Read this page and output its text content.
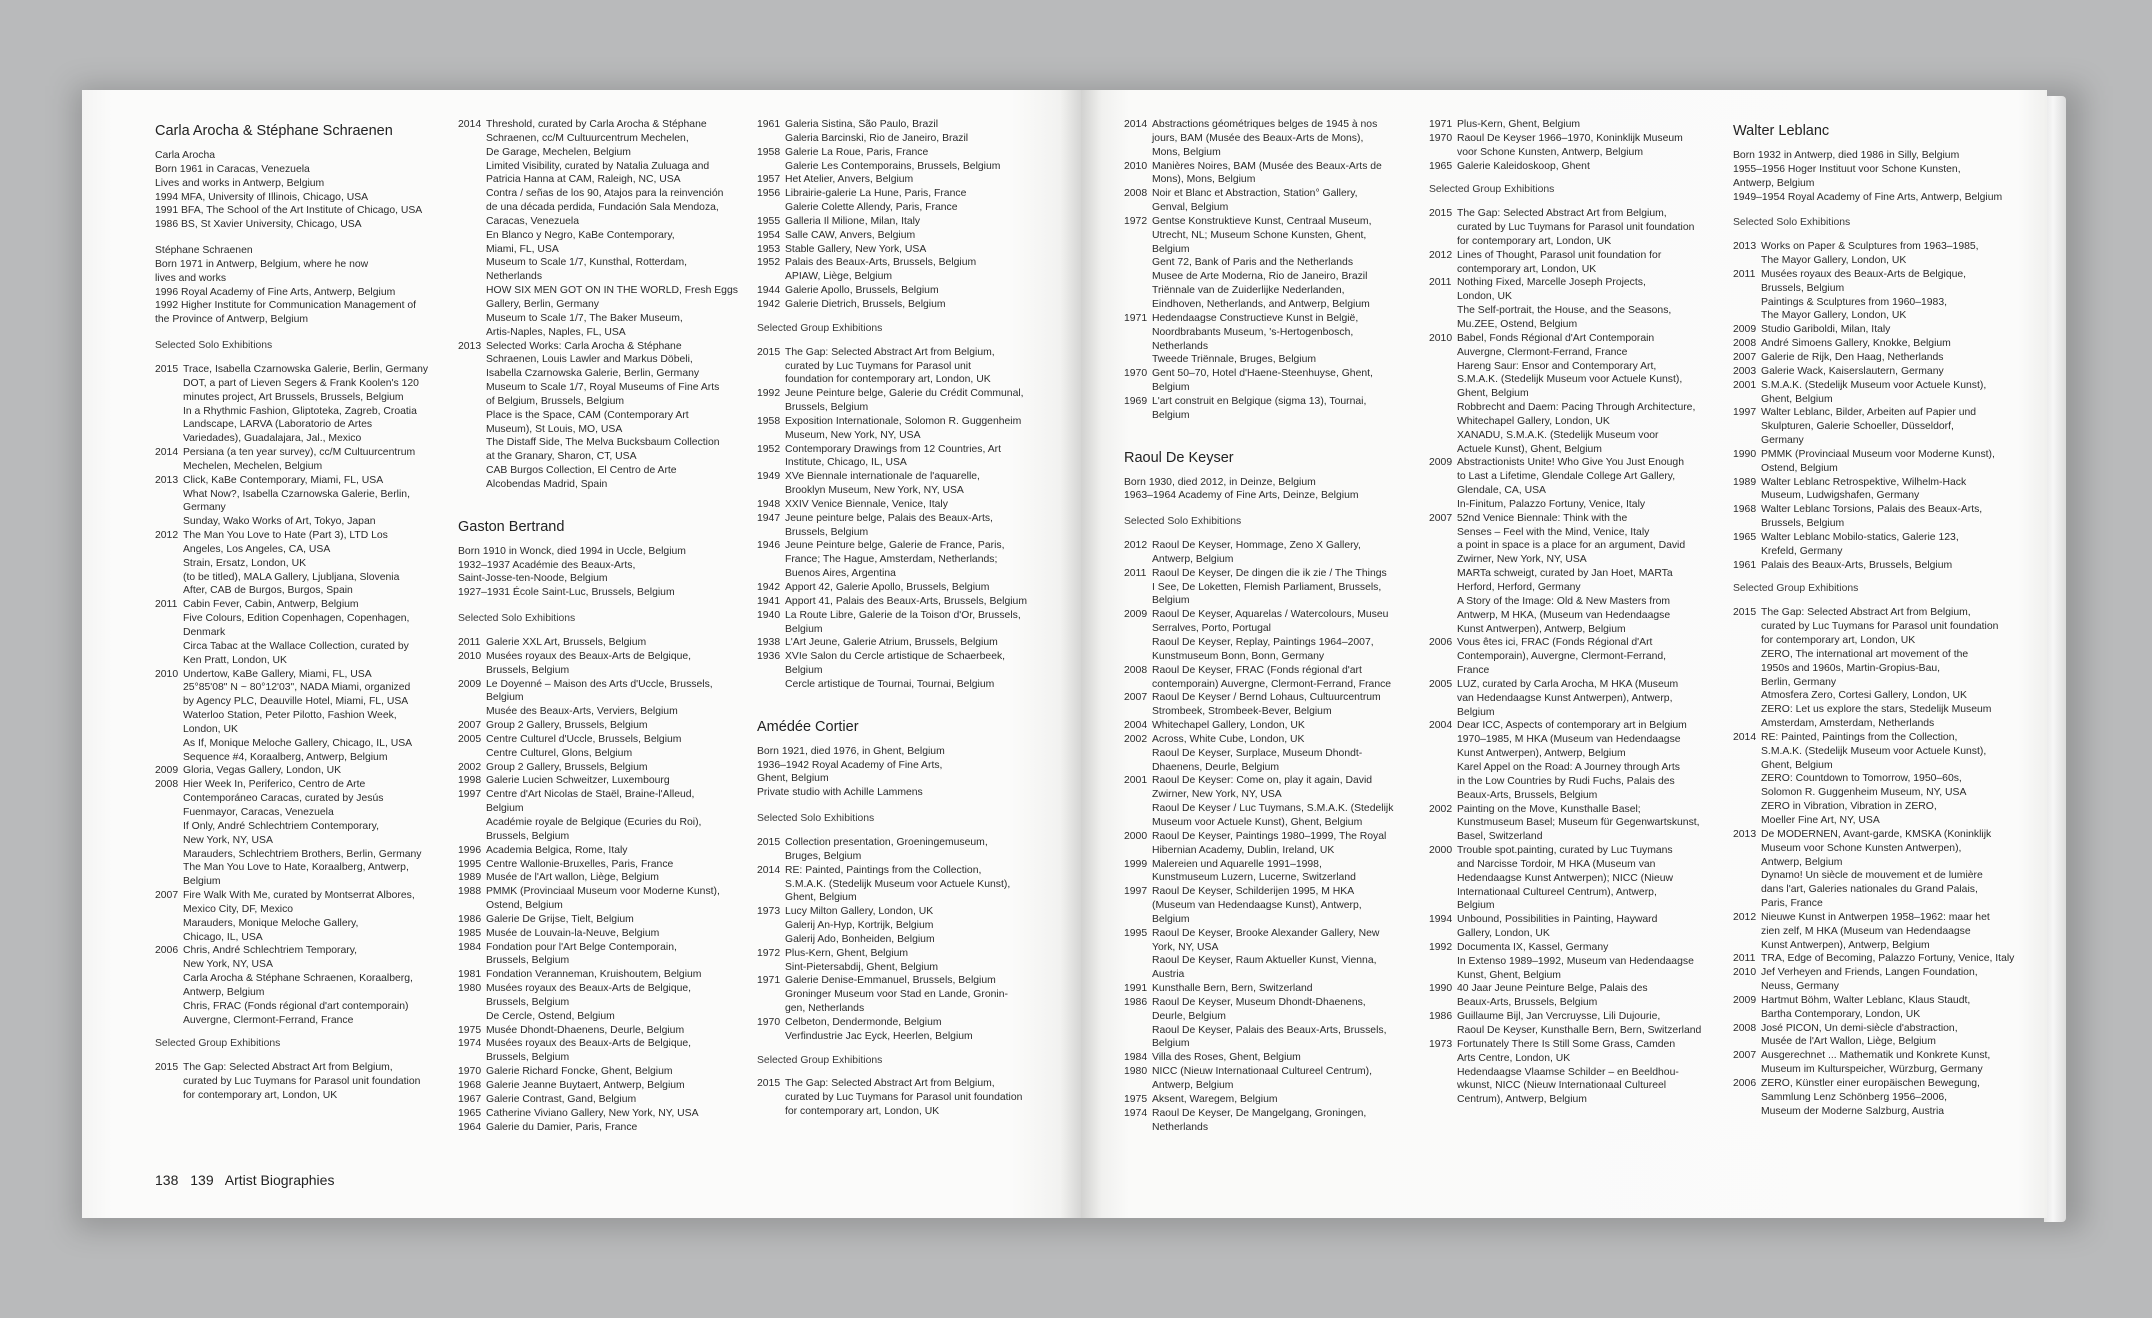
Carla Arocha & Stéphane Schraenen
Carla Arocha
Born 1961 in Caracas, Venezuela
Lives and works in Antwerp, Belgium
1994 MFA, University of Illinois, Chicago, USA
1991 BFA, The School of the Art Institute of Chicago, USA
1986 BS, St Xavier University, Chicago, USA
Stéphane Schraenen
Born 1971 in Antwerp, Belgium, where he now
lives and works
1996 Royal Academy of Fine Arts, Antwerp, Belgium
1992 Higher Institute for Communication Management of
the Province of Antwerp, Belgium
Selected Solo Exhibitions
2015 Trace, Isabella Czarnowska Galerie, Berlin, Germany
DOT, a part of Lieven Segers & Frank Koolen's 120
minutes project, Art Brussels, Brussels, Belgium
In a Rhythmic Fashion, Gliptoteka, Zagreb, Croatia
Landscape, LARVA (Laboratorio de Artes
Variedades), Guadalajara, Jal., Mexico
2014 Persiana (a ten year survey), cc/M Cultuurcentrum
Mechelen, Mechelen, Belgium
2013 Click, KaBe Contemporary, Miami, FL, USA
What Now?, Isabella Czarnowska Galerie, Berlin,
Germany
Sunday, Wako Works of Art, Tokyo, Japan
2012 The Man You Love to Hate (Part 3), LTD Los
Angeles, Los Angeles, CA, USA
Strain, Ersatz, London, UK
(to be titled), MALA Gallery, Ljubljana, Slovenia
After, CAB de Burgos, Burgos, Spain
2011 Cabin Fever, Cabin, Antwerp, Belgium
Five Colours, Edition Copenhagen, Copenhagen,
Denmark
Circa Tabac at the Wallace Collection, curated by
Ken Pratt, London, UK
2010 Undertow, KaBe Gallery, Miami, FL, USA
25°85'08" N ~ 80°12'03", NADA Miami, organized
by Agency PLC, Deauville Hotel, Miami, FL, USA
Waterloo Station, Peter Pilotto, Fashion Week,
London, UK
As If, Monique Meloche Gallery, Chicago, IL, USA
Sequence #4, Koraalberg, Antwerp, Belgium
2009 Gloria, Vegas Gallery, London, UK
2008 Hier Week In, Periferico, Centro de Arte
Contemporáneo Caracas, curated by Jesús
Fuenmayor, Caracas, Venezuela
If Only, André Schlechtriem Contemporary,
New York, NY, USA
Marauders, Schlechtriem Brothers, Berlin, Germany
The Man You Love to Hate, Koraalberg, Antwerp,
Belgium
2007 Fire Walk With Me, curated by Montserrat Albores,
Mexico City, DF, Mexico
Marauders, Monique Meloche Gallery,
Chicago, IL, USA
2006 Chris, André Schlechtriem Temporary,
New York, NY, USA
Carla Arocha & Stéphane Schraenen, Koraalberg,
Antwerp, Belgium
Chris, FRAC (Fonds régional d'art contemporain)
Auvergne, Clermont-Ferrand, France
Selected Group Exhibitions
2015 The Gap: Selected Abstract Art from Belgium,
curated by Luc Tuymans for Parasol unit foundation
for contemporary art, London, UK
2014 Threshold, curated by Carla Arocha & Stéphane
Schraenen, cc/M Cultuurcentrum Mechelen,
De Garage, Mechelen, Belgium
Limited Visibility, curated by Natalia Zuluaga and
Patricia Hanna at CAM, Raleigh, NC, USA
Contra / señas de los 90, Atajos para la reinvención
de una década perdida, Fundación Sala Mendoza,
Caracas, Venezuela
En Blanco y Negro, KaBe Contemporary,
Miami, FL, USA
Museum to Scale 1/7, Kunsthal, Rotterdam,
Netherlands
HOW SIX MEN GOT ON IN THE WORLD, Fresh Eggs
Gallery, Berlin, Germany
Museum to Scale 1/7, The Baker Museum,
Artis-Naples, Naples, FL, USA
2013 Selected Works: Carla Arocha & Stéphane
Schraenen, Louis Lawler and Markus Döbeli,
Isabella Czarnowska Galerie, Berlin, Germany
Museum to Scale 1/7, Royal Museums of Fine Arts
of Belgium, Brussels, Belgium
Place is the Space, CAM (Contemporary Art
Museum), St Louis, MO, USA
The Distaff Side, The Melva Bucksbaum Collection
at the Granary, Sharon, CT, USA
CAB Burgos Collection, El Centro de Arte
Alcobendas Madrid, Spain
Gaston Bertrand
Born 1910 in Wonck, died 1994 in Uccle, Belgium
1932–1937 Académie des Beaux-Arts,
Saint-Josse-ten-Noode, Belgium
1927–1931 École Saint-Luc, Brussels, Belgium
Selected Solo Exhibitions
2011 Galerie XXL Art, Brussels, Belgium
2010 Musées royaux des Beaux-Arts de Belgique,
Brussels, Belgium
2009 Le Doyenné – Maison des Arts d'Uccle, Brussels,
Belgium
Musée des Beaux-Arts, Verviers, Belgium
2007 Group 2 Gallery, Brussels, Belgium
2005 Centre Culturel d'Uccle, Brussels, Belgium
Centre Culturel, Glons, Belgium
2002 Group 2 Gallery, Brussels, Belgium
1998 Galerie Lucien Schweitzer, Luxembourg
1997 Centre d'Art Nicolas de Staël, Braine-l'Alleud,
Belgium
Académie royale de Belgique (Ecuries du Roi),
Brussels, Belgium
1996 Academia Belgica, Rome, Italy
1995 Centre Wallonie-Bruxelles, Paris, France
1989 Musée de l'Art wallon, Liège, Belgium
1988 PMMK (Provinciaal Museum voor Moderne Kunst),
Ostend, Belgium
1986 Galerie De Grijse, Tielt, Belgium
1985 Musée de Louvain-la-Neuve, Belgium
1984 Fondation pour l'Art Belge Contemporain,
Brussels, Belgium
1981 Fondation Veranneman, Kruishoutem, Belgium
1980 Musées royaux des Beaux-Arts de Belgique,
Brussels, Belgium
De Cercle, Ostend, Belgium
1975 Musée Dhondt-Dhaenens, Deurle, Belgium
1974 Musées royaux des Beaux-Arts de Belgique,
Brussels, Belgium
1970 Galerie Richard Foncke, Ghent, Belgium
1968 Galerie Jeanne Buytaert, Antwerp, Belgium
1967 Galerie Contrast, Gand, Belgium
1965 Catherine Viviano Gallery, New York, NY, USA
1964 Galerie du Damier, Paris, France
1961 Galeria Sistina, São Paulo, Brazil
Galeria Barcinski, Rio de Janeiro, Brazil
1958 Galerie La Roue, Paris, France
Galerie Les Contemporains, Brussels, Belgium
1957 Het Atelier, Anvers, Belgium
1956 Librairie-galerie La Hune, Paris, France
Galerie Colette Allendy, Paris, France
1955 Galleria Il Milione, Milan, Italy
1954 Salle CAW, Anvers, Belgium
1953 Stable Gallery, New York, USA
1952 Palais des Beaux-Arts, Brussels, Belgium
APIAW, Liège, Belgium
1944 Galerie Apollo, Brussels, Belgium
1942 Galerie Dietrich, Brussels, Belgium
Selected Group Exhibitions
2015 The Gap: Selected Abstract Art from Belgium,
curated by Luc Tuymans for Parasol unit
foundation for contemporary art, London, UK
1992 Jeune Peinture belge, Galerie du Crédit Communal,
Brussels, Belgium
1958 Exposition Internationale, Solomon R. Guggenheim
Museum, New York, NY, USA
1952 Contemporary Drawings from 12 Countries, Art
Institute, Chicago, IL, USA
1949 XVe Biennale internationale de l'aquarelle,
Brooklyn Museum, New York, NY, USA
1948 XXIV Venice Biennale, Venice, Italy
1947 Jeune peinture belge, Palais des Beaux-Arts,
Brussels, Belgium
1946 Jeune Peinture belge, Galerie de France, Paris,
France; The Hague, Amsterdam, Netherlands;
Buenos Aires, Argentina
1942 Apport 42, Galerie Apollo, Brussels, Belgium
1941 Apport 41, Palais des Beaux-Arts, Brussels, Belgium
1940 La Route Libre, Galerie de la Toison d'Or, Brussels,
Belgium
1938 L'Art Jeune, Galerie Atrium, Brussels, Belgium
1936 XVIe Salon du Cercle artistique de Schaerbeek,
Belgium
Cercle artistique de Tournai, Tournai, Belgium
Amédée Cortier
Born 1921, died 1976, in Ghent, Belgium
1936–1942 Royal Academy of Fine Arts,
Ghent, Belgium
Private studio with Achille Lammens
Selected Solo Exhibitions
2015 Collection presentation, Groeningemuseum,
Bruges, Belgium
2014 RE: Painted, Paintings from the Collection,
S.M.A.K. (Stedelijk Museum voor Actuele Kunst),
Ghent, Belgium
1973 Lucy Milton Gallery, London, UK
Galerij An-Hyp, Kortrijk, Belgium
Galerij Ado, Bonheiden, Belgium
1972 Plus-Kern, Ghent, Belgium
Sint-Pietersabdij, Ghent, Belgium
1971 Galerie Denise-Emmanuel, Brussels, Belgium
Groninger Museum voor Stad en Lande, Gronin-
gen, Netherlands
1970 Celbeton, Dendermonde, Belgium
Verfindustrie Jac Eyck, Heerlen, Belgium
Selected Group Exhibitions
2015 The Gap: Selected Abstract Art from Belgium,
curated by Luc Tuymans for Parasol unit foundation
for contemporary art, London, UK
2014 Abstractions géométriques belges de 1945 à nos
jours, BAM (Musée des Beaux-Arts de Mons),
Mons, Belgium
2010 Manières Noires, BAM (Musée des Beaux-Arts de
Mons), Mons, Belgium
2008 Noir et Blanc et Abstraction, Station° Gallery,
Genval, Belgium
1972 Gentse Konstruktieve Kunst, Centraal Museum,
Utrecht, NL; Museum Schone Kunsten, Ghent,
Belgium
Gent 72, Bank of Paris and the Netherlands
Musee de Arte Moderna, Rio de Janeiro, Brazil
Triënnale van de Zuiderlijke Nederlanden,
Eindhoven, Netherlands, and Antwerp, Belgium
1971 Hedendaagse Constructieve Kunst in België,
Noordbrabants Museum, 's-Hertogenbosch,
Netherlands
Tweede Triënnale, Bruges, Belgium
1970 Gent 50–70, Hotel d'Haene-Steenhuyse, Ghent,
Belgium
1969 L'art construit en Belgique (sigma 13), Tournai,
Belgium
Raoul De Keyser
Born 1930, died 2012, in Deinze, Belgium
1963–1964 Academy of Fine Arts, Deinze, Belgium
Selected Solo Exhibitions
2012 Raoul De Keyser, Hommage, Zeno X Gallery,
Antwerp, Belgium
2011 Raoul De Keyser, De dingen die ik zie / The Things
I See, De Loketten, Flemish Parliament, Brussels,
Belgium
2009 Raoul De Keyser, Aquarelas / Watercolours, Museu
Serralves, Porto, Portugal
Raoul De Keyser, Replay, Paintings 1964–2007,
Kunstmuseum Bonn, Bonn, Germany
2008 Raoul De Keyser, FRAC (Fonds régional d'art
contemporain) Auvergne, Clermont-Ferrand, France
2007 Raoul De Keyser / Bernd Lohaus, Cultuurcentrum
Strombeek, Strombeek-Bever, Belgium
2004 Whitechapel Gallery, London, UK
2002 Across, White Cube, London, UK
Raoul De Keyser, Surplace, Museum Dhondt-
Dhaenens, Deurle, Belgium
2001 Raoul De Keyser: Come on, play it again, David
Zwirner, New York, NY, USA
Raoul De Keyser / Luc Tuymans, S.M.A.K. (Stedelijk
Museum voor Actuele Kunst), Ghent, Belgium
2000 Raoul De Keyser, Paintings 1980–1999, The Royal
Hibernian Academy, Dublin, Ireland, UK
1999 Malereien und Aquarelle 1991–1998,
Kunstmuseum Luzern, Lucerne, Switzerland
1997 Raoul De Keyser, Schilderijen 1995, M HKA
(Museum van Hedendaagse Kunst), Antwerp,
Belgium
1995 Raoul De Keyser, Brooke Alexander Gallery, New
York, NY, USA
Raoul De Keyser, Raum Aktueller Kunst, Vienna,
Austria
1991 Kunsthalle Bern, Bern, Switzerland
1986 Raoul De Keyser, Museum Dhondt-Dhaenens,
Deurle, Belgium
Raoul De Keyser, Palais des Beaux-Arts, Brussels,
Belgium
1984 Villa des Roses, Ghent, Belgium
1980 NICC (Nieuw Internationaal Cultureel Centrum),
Antwerp, Belgium
1975 Aksent, Waregem, Belgium
1974 Raoul De Keyser, De Mangelgang, Groningen,
Netherlands
1971 Plus-Kern, Ghent, Belgium
1970 Raoul De Keyser 1966–1970, Koninklijk Museum
voor Schone Kunsten, Antwerp, Belgium
1965 Galerie Kaleidoskoop, Ghent
Selected Group Exhibitions
2015 The Gap: Selected Abstract Art from Belgium,
curated by Luc Tuymans for Parasol unit foundation
for contemporary art, London, UK
2012 Lines of Thought, Parasol unit foundation for
contemporary art, London, UK
2011 Nothing Fixed, Marcelle Joseph Projects,
London, UK
The Self-portrait, the House, and the Seasons,
Mu.ZEE, Ostend, Belgium
2010 Babel, Fonds Régional d'Art Contemporain
Auvergne, Clermont-Ferrand, France
Hareng Saur: Ensor and Contemporary Art,
S.M.A.K. (Stedelijk Museum voor Actuele Kunst),
Ghent, Belgium
Robbrecht and Daem: Pacing Through Architecture,
Whitechapel Gallery, London, UK
XANADU, S.M.A.K. (Stedelijk Museum voor
Actuele Kunst), Ghent, Belgium
2009 Abstractionists Unite! Who Give You Just Enough
to Last a Lifetime, Glendale College Art Gallery,
Glendale, CA, USA
In-Finitum, Palazzo Fortuny, Venice, Italy
2007 52nd Venice Biennale: Think with the
Senses – Feel with the Mind, Venice, Italy
a point in space is a place for an argument, David
Zwirner, New York, NY, USA
MARTa schweigt, curated by Jan Hoet, MARTa
Herford, Herford, Germany
A Story of the Image: Old & New Masters from
Antwerp, M HKA, (Museum van Hedendaagse
Kunst Antwerpen), Antwerp, Belgium
2006 Vous êtes ici, FRAC (Fonds Régional d'Art
Contemporain), Auvergne, Clermont-Ferrand,
France
2005 LUZ, curated by Carla Arocha, M HKA (Museum
van Hedendaagse Kunst Antwerpen), Antwerp,
Belgium
2004 Dear ICC, Aspects of contemporary art in Belgium
1970–1985, M HKA (Museum van Hedendaagse
Kunst Antwerpen), Antwerp, Belgium
Karel Appel on the Road: A Journey through Arts
in the Low Countries by Rudi Fuchs, Palais des
Beaux-Arts, Brussels, Belgium
2002 Painting on the Move, Kunsthalle Basel;
Kunstmuseum Basel; Museum für Gegenwartskunst,
Basel, Switzerland
2000 Trouble spot.painting, curated by Luc Tuymans
and Narcisse Tordoir, M HKA (Museum van
Hedendaagse Kunst Antwerpen); NICC (Nieuw
Internationaal Cultureel Centrum), Antwerp,
Belgium
1994 Unbound, Possibilities in Painting, Hayward
Gallery, London, UK
1992 Documenta IX, Kassel, Germany
In Extenso 1989–1992, Museum van Hedendaagse
Kunst, Ghent, Belgium
1990 40 Jaar Jeune Peinture Belge, Palais des
Beaux-Arts, Brussels, Belgium
1986 Guillaume Bijl, Jan Vercruysse, Lili Dujourie,
Raoul De Keyser, Kunsthalle Bern, Bern, Switzerland
1973 Fortunately There Is Still Some Grass, Camden
Arts Centre, London, UK
Hedendaagse Vlaamse Schilder – en Beeldhou-
wkunst, NICC (Nieuw Internationaal Cultureel
Centrum), Antwerp, Belgium
Walter Leblanc
Born 1932 in Antwerp, died 1986 in Silly, Belgium
1955–1956 Hoger Instituut voor Schone Kunsten,
Antwerp, Belgium
1949–1954 Royal Academy of Fine Arts, Antwerp, Belgium
Selected Solo Exhibitions
2013 Works on Paper & Sculptures from 1963–1985,
The Mayor Gallery, London, UK
2011 Musées royaux des Beaux-Arts de Belgique,
Brussels, Belgium
Paintings & Sculptures from 1960–1983,
The Mayor Gallery, London, UK
2009 Studio Gariboldi, Milan, Italy
2008 André Simoens Gallery, Knokke, Belgium
2007 Galerie de Rijk, Den Haag, Netherlands
2003 Galerie Wack, Kaiserslautern, Germany
2001 S.M.A.K. (Stedelijk Museum voor Actuele Kunst),
Ghent, Belgium
1997 Walter Leblanc, Bilder, Arbeiten auf Papier und
Skulpturen, Galerie Schoeller, Düsseldorf,
Germany
1990 PMMK (Provinciaal Museum voor Moderne Kunst),
Ostend, Belgium
1989 Walter Leblanc Retrospektive, Wilhelm-Hack
Museum, Ludwigshafen, Germany
1968 Walter Leblanc Torsions, Palais des Beaux-Arts,
Brussels, Belgium
1965 Walter Leblanc Mobilo-statics, Galerie 123,
Krefeld, Germany
1961 Palais des Beaux-Arts, Brussels, Belgium
Selected Group Exhibitions
2015 The Gap: Selected Abstract Art from Belgium,
curated by Luc Tuymans for Parasol unit foundation
for contemporary art, London, UK
ZERO, The international art movement of the
1950s and 1960s, Martin-Gropius-Bau,
Berlin, Germany
Atmosfera Zero, Cortesi Gallery, London, UK
ZERO: Let us explore the stars, Stedelijk Museum
Amsterdam, Amsterdam, Netherlands
2014 RE: Painted, Paintings from the Collection,
S.M.A.K. (Stedelijk Museum voor Actuele Kunst),
Ghent, Belgium
ZERO: Countdown to Tomorrow, 1950–60s,
Solomon R. Guggenheim Museum, NY, USA
ZERO in Vibration, Vibration in ZERO,
Moeller Fine Art, NY, USA
2013 De MODERNEN, Avant-garde, KMSKA (Koninklijk
Museum voor Schone Kunsten Antwerpen),
Antwerp, Belgium
Dynamo! Un siècle de mouvement et de lumière
dans l'art, Galeries nationales du Grand Palais,
Paris, France
2012 Nieuwe Kunst in Antwerpen 1958–1962: maar het
zien zelf, M HKA (Museum van Hedendaagse
Kunst Antwerpen), Antwerp, Belgium
2011 TRA, Edge of Becoming, Palazzo Fortuny, Venice, Italy
2010 Jef Verheyen and Friends, Langen Foundation,
Neuss, Germany
2009 Hartmut Böhm, Walter Leblanc, Klaus Staudt,
Bartha Contemporary, London, UK
2008 José PICON, Un demi-siècle d'abstraction,
Musée de l'Art Wallon, Liège, Belgium
2007 Ausgerechnet ... Mathematik und Konkrete Kunst,
Museum im Kulturspeicher, Würzburg, Germany
2006 ZERO, Künstler einer europäischen Bewegung,
Sammlung Lenz Schönberg 1956–2006,
Museum der Moderne Salzburg, Austria
138 139 Artist Biographies
